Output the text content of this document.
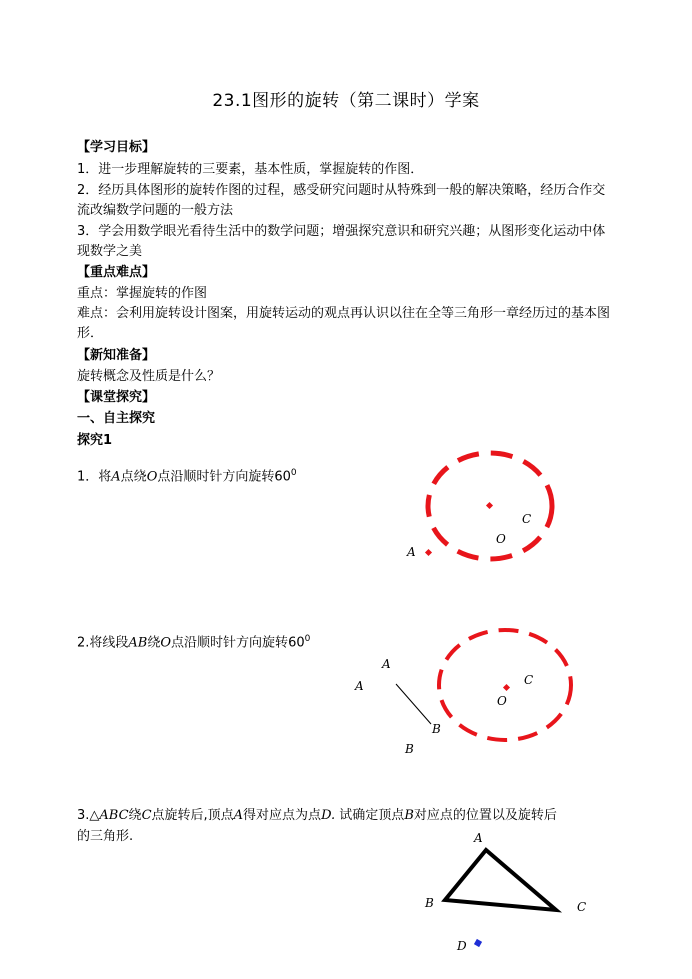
23.1图形的旋转（第二课时）学案
【学习目标】
1．进一步理解旋转的三要素，基本性质，掌握旋转的作图．
2．经历具体图形的旋转作图的过程，感受研究问题时从特殊到一般的解决策略，经历合作交流改编数学问题的一般方法
3．学会用数学眼光看待生活中的数学问题；增强探究意识和研究兴趣；从图形变化运动中体现数学之美
【重点难点】
重点：掌握旋转的作图
难点：会利用旋转设计图案，用旋转运动的观点再认识以往在全等三角形一章经历过的基本图形．
【新知准备】
旋转概念及性质是什么？
【课堂探究】
一、自主探究
探究1
1．将A点绕O点沿顺时针方向旋转$60^0$
A
O
C
2.将线段AB绕O点沿顺时针方向旋转$60^0$
A
A
B
B
O
C
3.△ABC绕C点旋转后,顶点A得对应点为点D. 试确定顶点B对应点的位置以及旋转后
的三角形.	A
B	C
D
